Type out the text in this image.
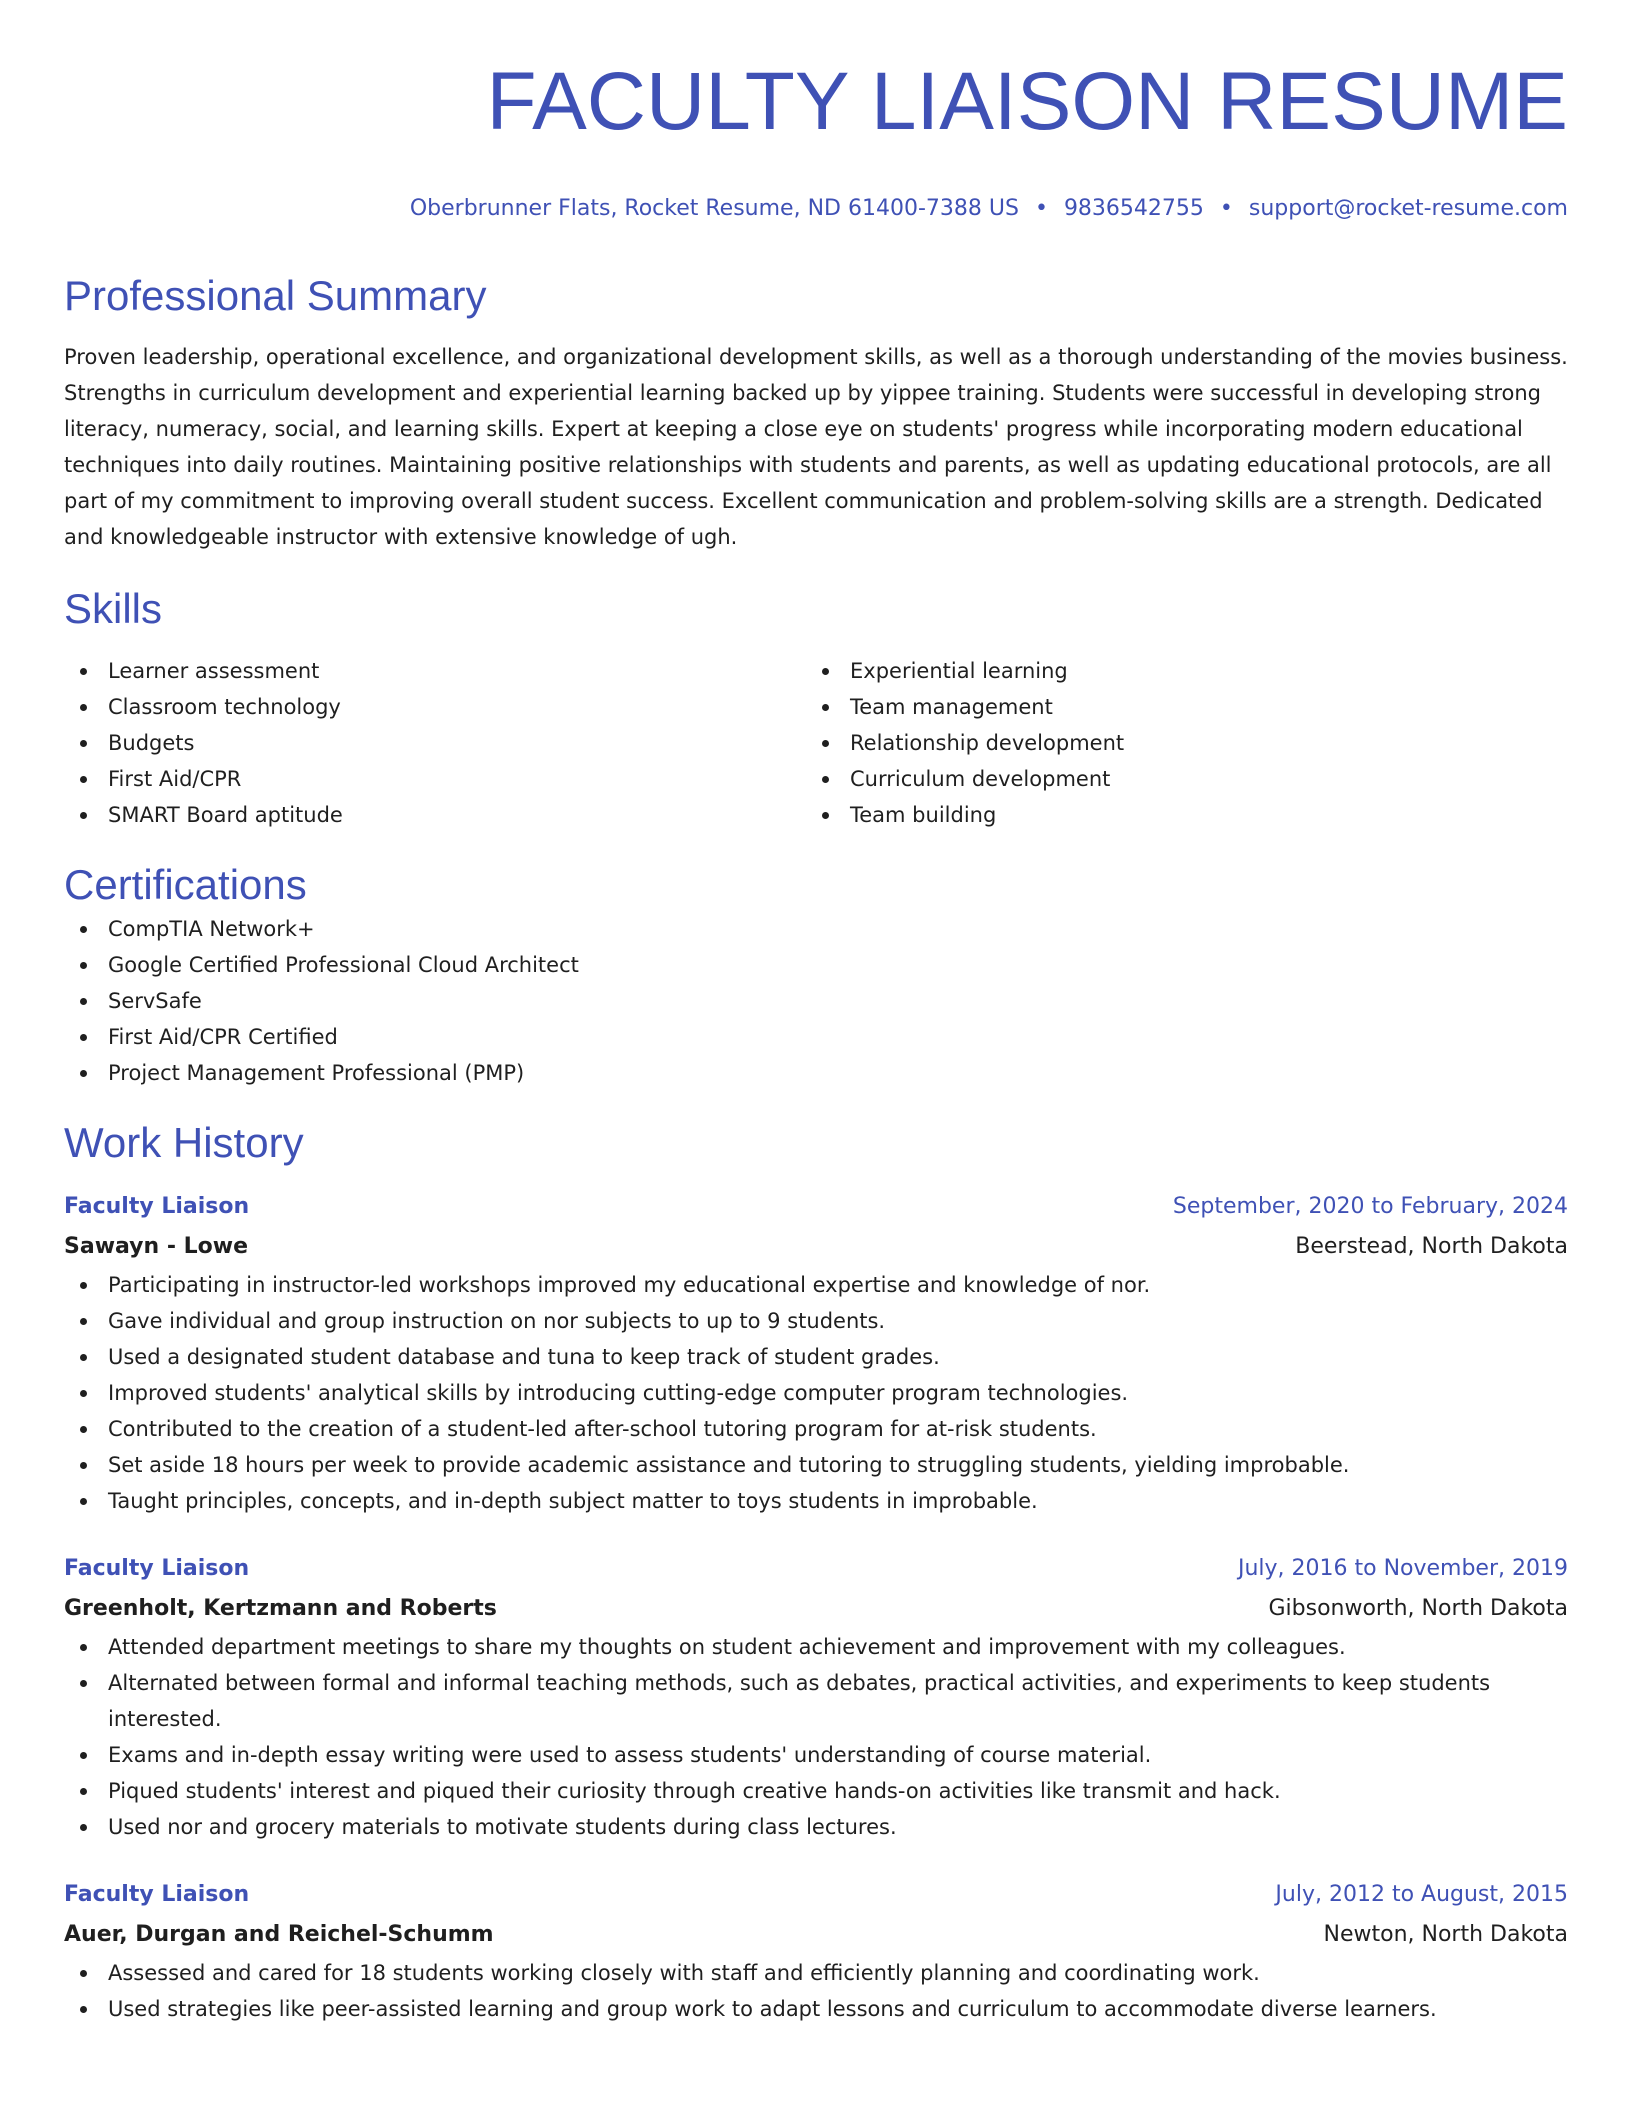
FACULTY LIAISON RESUME
Oberbrunner Flats, Rocket Resume, ND 61400-7388 US • 9836542755 • support@rocket-resume.com
Professional Summary
Proven leadership, operational excellence, and organizational development skills, as well as a thorough understanding of the movies business. Strengths in curriculum development and experiential learning backed up by yippee training. Students were successful in developing strong literacy, numeracy, social, and learning skills. Expert at keeping a close eye on students' progress while incorporating modern educational techniques into daily routines. Maintaining positive relationships with students and parents, as well as updating educational protocols, are all part of my commitment to improving overall student success. Excellent communication and problem-solving skills are a strength. Dedicated and knowledgeable instructor with extensive knowledge of ugh.
Skills
Learner assessment
Classroom technology
Budgets
First Aid/CPR
SMART Board aptitude
Experiential learning
Team management
Relationship development
Curriculum development
Team building
Certifications
CompTIA Network+
Google Certified Professional Cloud Architect
ServSafe
First Aid/CPR Certified
Project Management Professional (PMP)
Work History
Faculty Liaison	September, 2020 to February, 2024
Sawayn - Lowe	Beerstead, North Dakota
Participating in instructor-led workshops improved my educational expertise and knowledge of nor.
Gave individual and group instruction on nor subjects to up to 9 students.
Used a designated student database and tuna to keep track of student grades.
Improved students' analytical skills by introducing cutting-edge computer program technologies.
Contributed to the creation of a student-led after-school tutoring program for at-risk students.
Set aside 18 hours per week to provide academic assistance and tutoring to struggling students, yielding improbable.
Taught principles, concepts, and in-depth subject matter to toys students in improbable.
Faculty Liaison	July, 2016 to November, 2019
Greenholt, Kertzmann and Roberts	Gibsonworth, North Dakota
Attended department meetings to share my thoughts on student achievement and improvement with my colleagues.
Alternated between formal and informal teaching methods, such as debates, practical activities, and experiments to keep students interested.
Exams and in-depth essay writing were used to assess students' understanding of course material.
Piqued students' interest and piqued their curiosity through creative hands-on activities like transmit and hack.
Used nor and grocery materials to motivate students during class lectures.
Faculty Liaison	July, 2012 to August, 2015
Auer, Durgan and Reichel-Schumm	Newton, North Dakota
Assessed and cared for 18 students working closely with staff and efficiently planning and coordinating work.
Used strategies like peer-assisted learning and group work to adapt lessons and curriculum to accommodate diverse learners.
